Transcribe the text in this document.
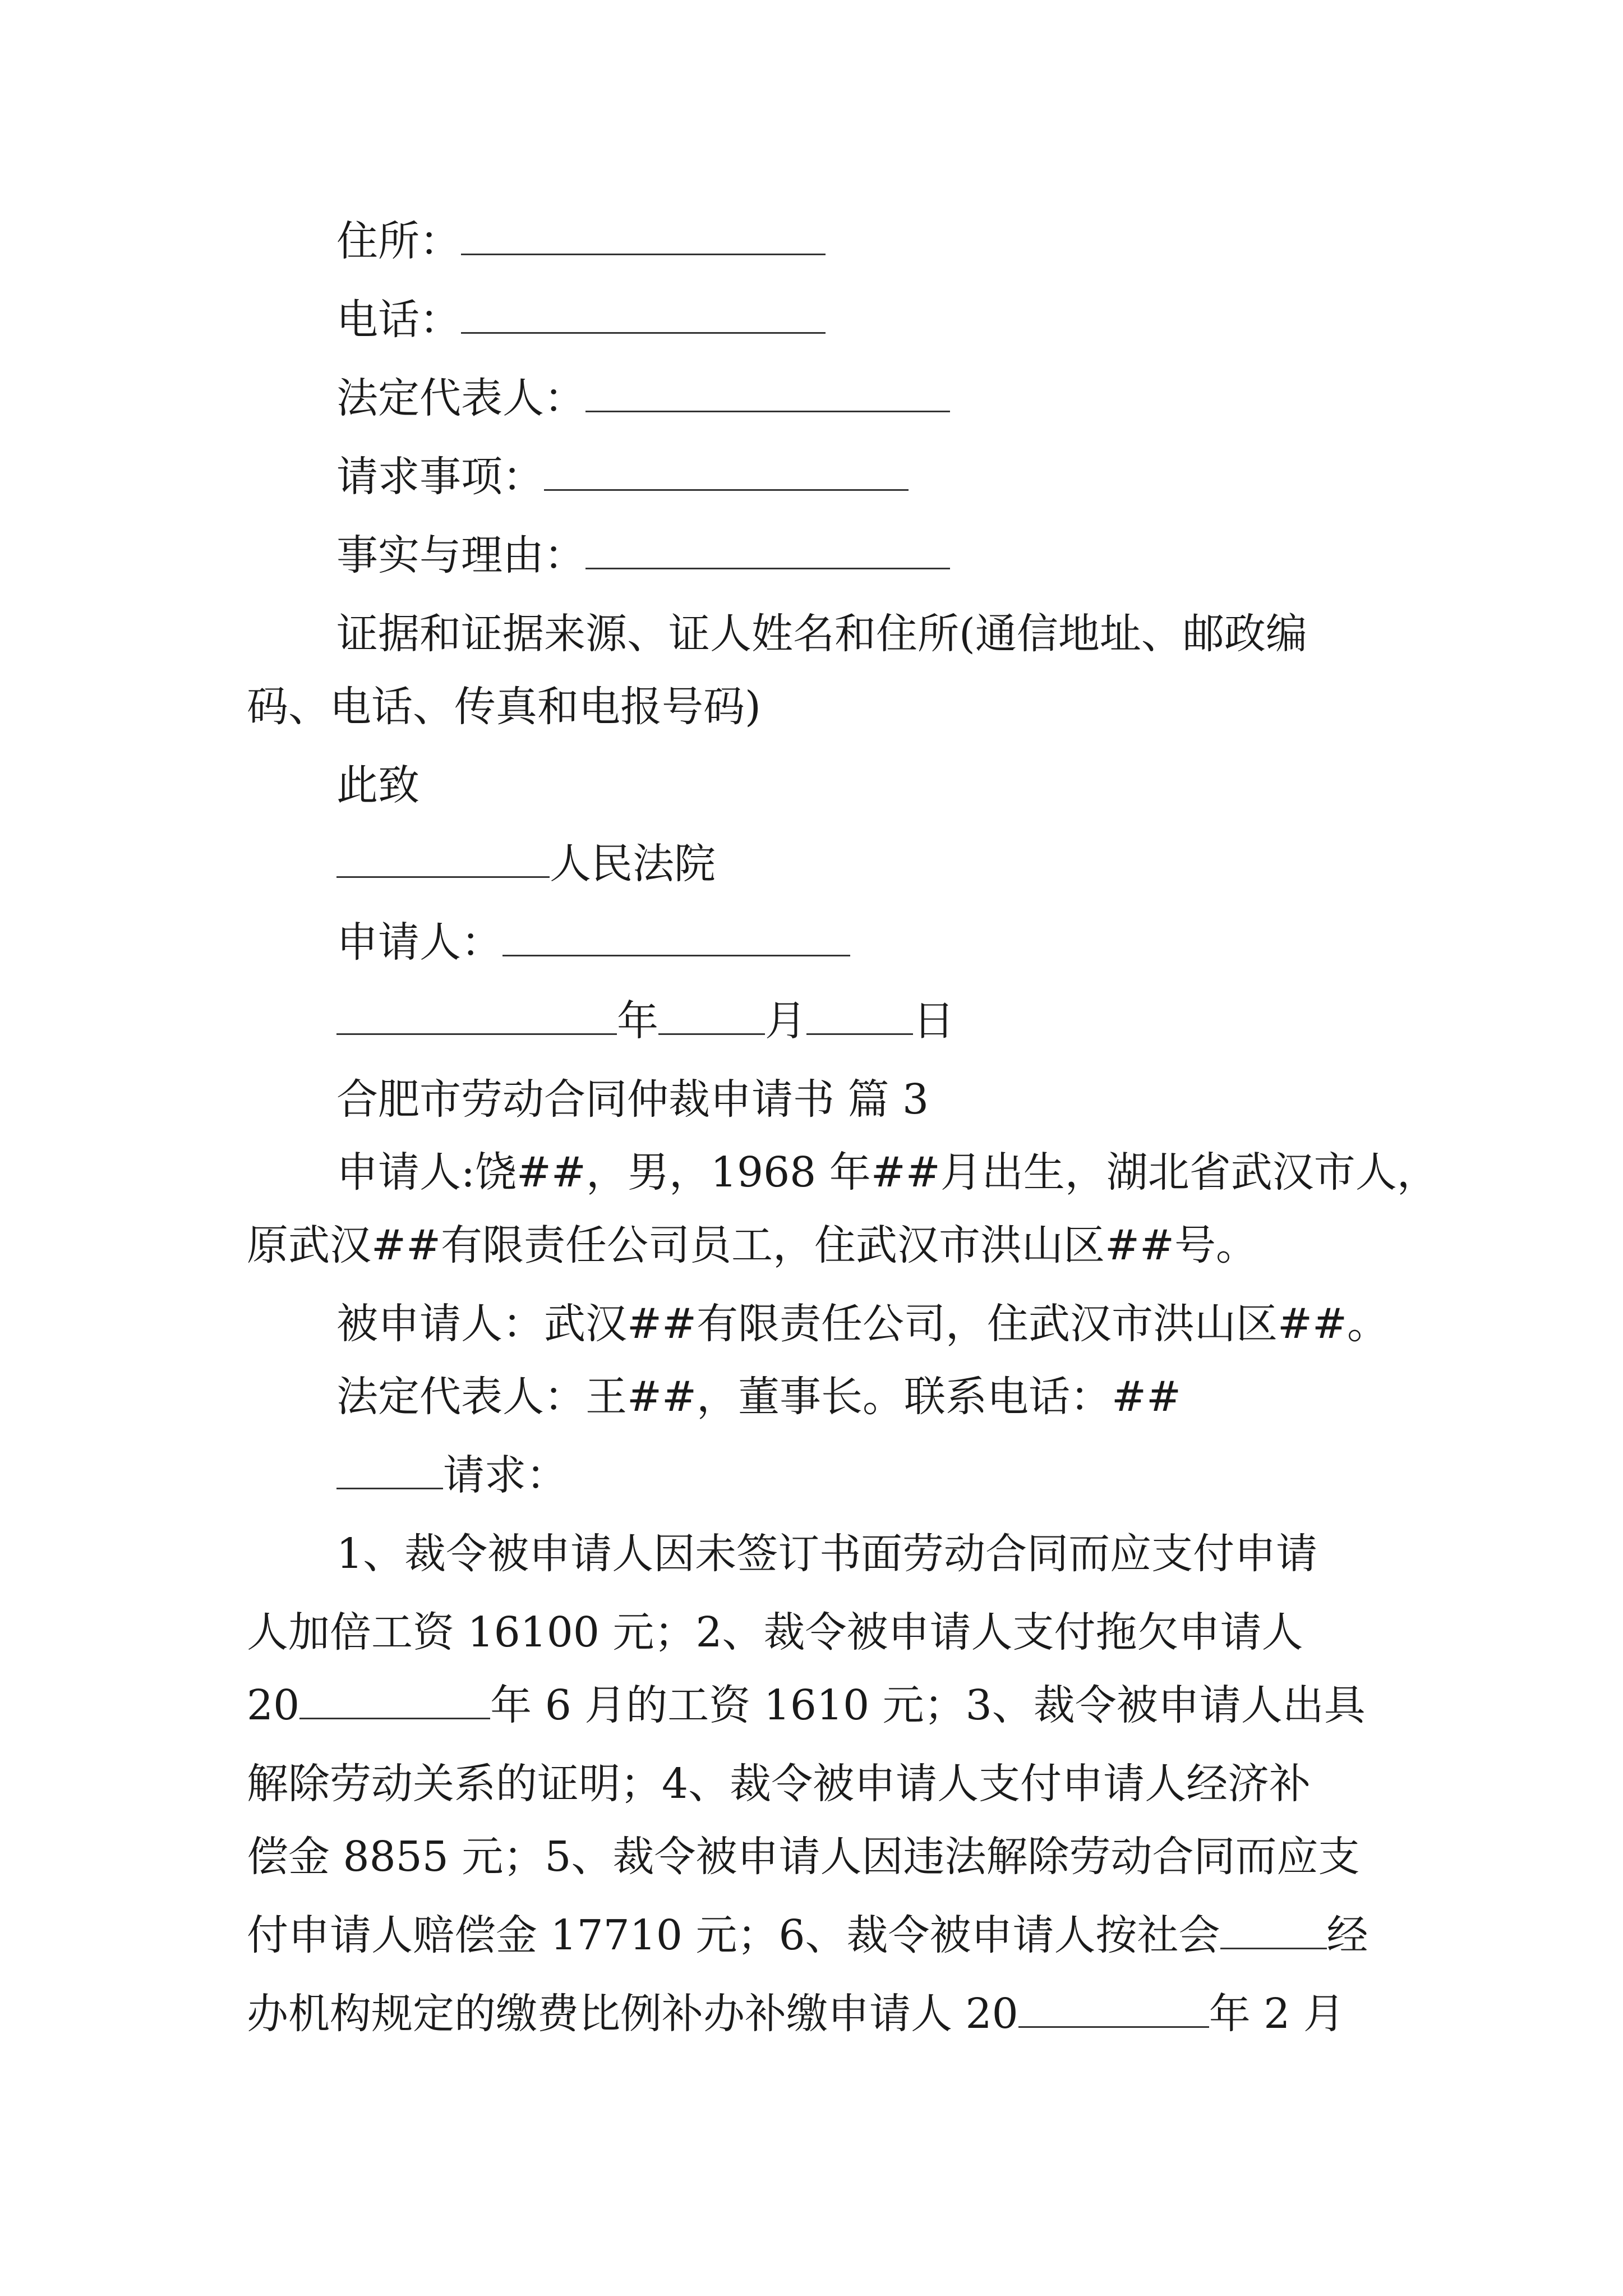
住所：
电话：
法定代表人：
请求事项：
事实与理由：
证据和证据来源、证人姓名和住所(通信地址、邮政编
码、电话、传真和电报号码)
此致
人民法院
申请人：
年	月	日
合肥市劳动合同仲裁申请书 篇 3
申请人:饶##，男，1968 年##月出生，湖北省武汉市人，
原武汉##有限责任公司员工，住武汉市洪山区##号。
被申请人：武汉##有限责任公司，住武汉市洪山区##。
法定代表人：王##，董事长。联系电话：##
请求：
1、裁令被申请人因未签订书面劳动合同而应支付申请
人加倍工资 16100 元；2、裁令被申请人支付拖欠申请人
20	年 6 月的工资 1610 元；3、裁令被申请人出具
解除劳动关系的证明；4、裁令被申请人支付申请人经济补
偿金 8855 元；5、裁令被申请人因违法解除劳动合同而应支
付申请人赔偿金 17710 元；6、裁令被申请人按社会	经
办机构规定的缴费比例补办补缴申请人 20	年 2 月
